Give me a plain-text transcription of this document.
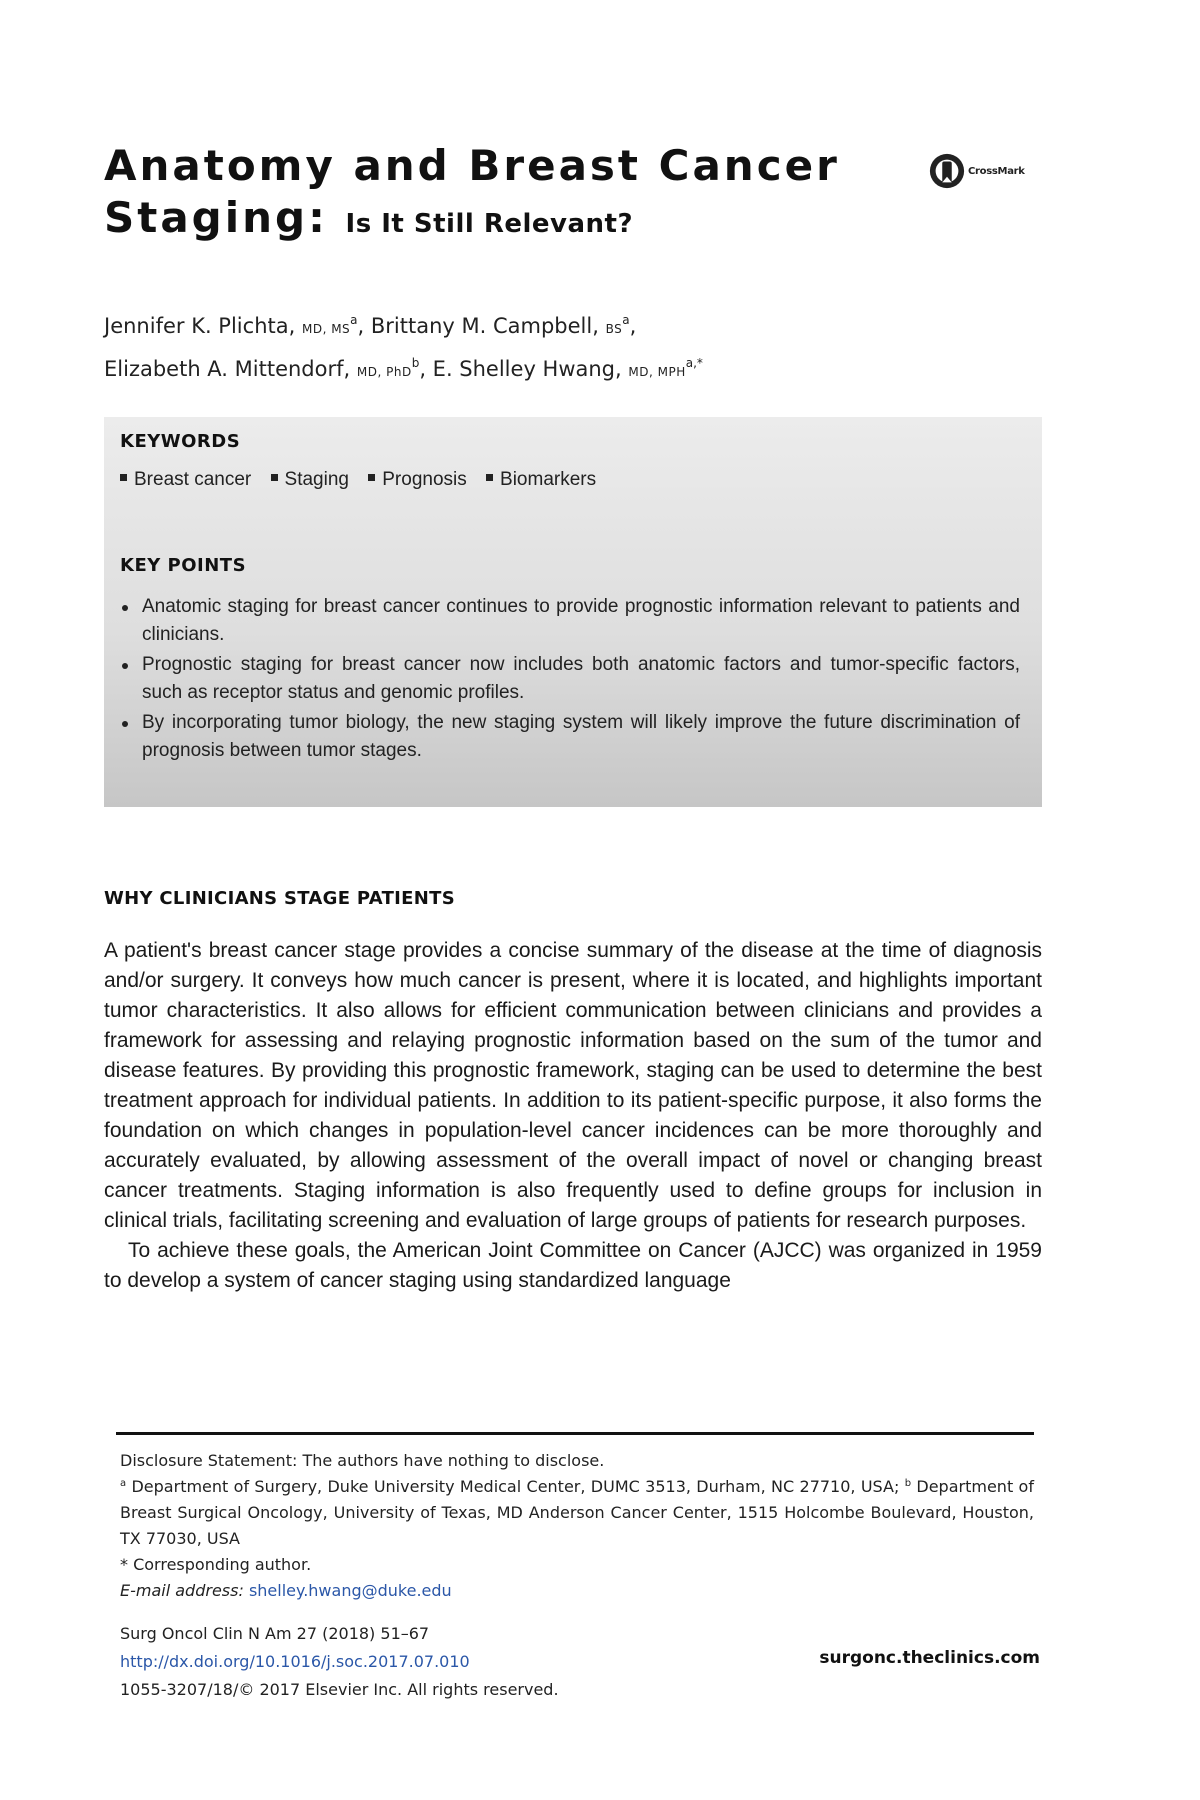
Anatomy and Breast Cancer
Staging: Is It Still Relevant?
CrossMark
Jennifer K. Plichta, MD, $MS^a$, Brittany M. Campbell, $BS^a$,
Elizabeth A. Mittendorf, MD, PhD$^b$, E. Shelley Hwang, MD, $MPH^{a,*}$
KEYWORDS
Breast cancer Staging Prognosis Biomarkers
KEY POINTS
Anatomic staging for breast cancer continues to provide prognostic information relevant to patients and clinicians.
Prognostic staging for breast cancer now includes both anatomic factors and tumor-specific factors, such as receptor status and genomic profiles.
By incorporating tumor biology, the new staging system will likely improve the future discrimination of prognosis between tumor stages.
WHY CLINICIANS STAGE PATIENTS

A patient's breast cancer stage provides a concise summary of the disease at the time of diagnosis and/or surgery. It conveys how much cancer is present, where it is located, and highlights important tumor characteristics. It also allows for efficient communication between clinicians and provides a framework for assessing and relaying prognostic information based on the sum of the tumor and disease features. By providing this prognostic framework, staging can be used to determine the best treatment approach for individual patients. In addition to its patient-specific purpose, it also forms the foundation on which changes in population-level cancer incidences can be more thoroughly and accurately evaluated, by allowing assessment of the overall impact of novel or changing breast cancer treatments. Staging information is also frequently used to define groups for inclusion in clinical trials, facilitating screening and evaluation of large groups of patients for research purposes.

To achieve these goals, the American Joint Committee on Cancer (AJCC) was organized in 1959 to develop a system of cancer staging using standardized language

Disclosure Statement: The authors have nothing to disclose.

$^a$ Department of Surgery, Duke University Medical Center, DUMC 3513, Durham, NC 27710, USA; $^b$ Department of Breast Surgical Oncology, University of Texas, MD Anderson Cancer Center, 1515 Holcombe Boulevard, Houston, TX 77030, USA

* Corresponding author.

E-mail address: shelley.hwang@duke.edu

Surg Oncol Clin N Am 27 (2018) 51–67
http://dx.doi.org/10.1016/j.soc.2017.07.010
1055-3207/18/© 2017 Elsevier Inc. All rights reserved.
surgonc.theclinics.com
